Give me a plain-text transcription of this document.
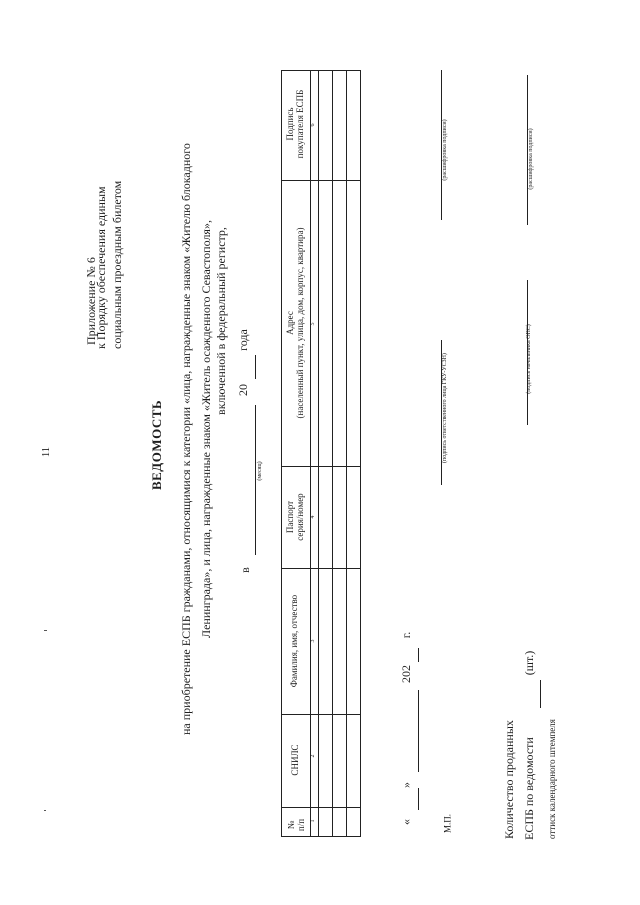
11
Приложение № 6
к Порядку обеспечения единым социальным проездным билетом
ВЕДОМОСТЬ на приобретение ЕСПБ гражданами, относящимися к категории «лица, награжденные знаком «Жителю блокадного Ленинграда», и лица, награжденные знаком «Житель осажденного Севастополя», включенной в федеральный регистр,
в
(месяц)
20
года
№ п/п
СНИЛС
Фамилия, имя, отчество
Паспорт серия/номер
Адрес (населенный пункт, улица, дом, корпус, квартира)
Подпись покупателя ЕСПБ
1
2
3
4
5
6
«
»
202
г.
М.П.
(подпись ответственного лица ГКУ-УСЗН)
(расшифровка подписи)
(подпись начальника ОПС)
(расшифровка подписи)
Количество проданных ЕСПБ по ведомости
(шт.)
оттиск календарного штемпеля
